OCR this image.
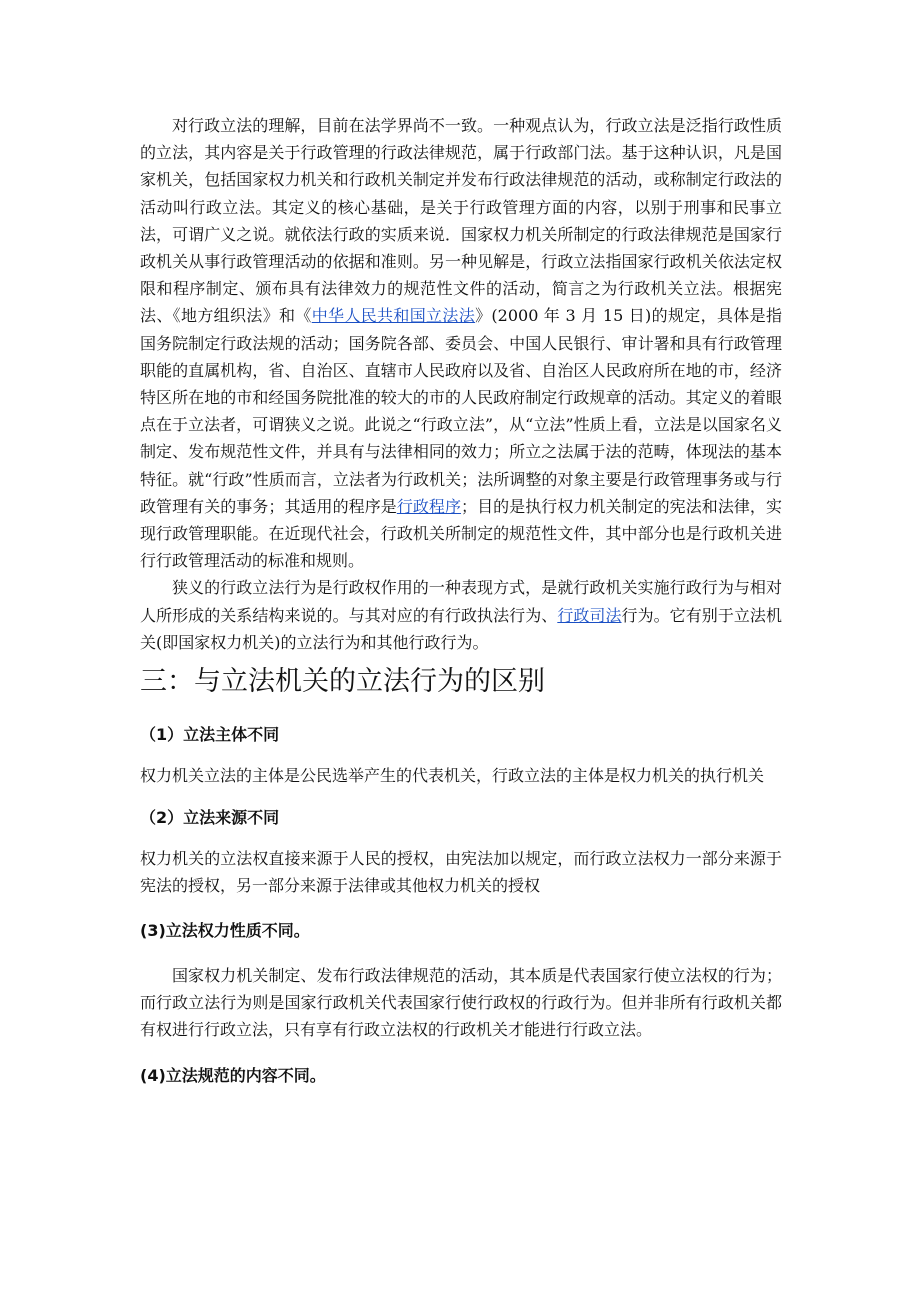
对行政立法的理解，目前在法学界尚不一致。一种观点认为，行政立法是泛指行政性质的立法，其内容是关于行政管理的行政法律规范，属于行政部门法。基于这种认识，凡是国家机关，包括国家权力机关和行政机关制定并发布行政法律规范的活动，或称制定行政法的活动叫行政立法。其定义的核心基础，是关于行政管理方面的内容，以别于刑事和民事立法，可谓广义之说。就依法行政的实质来说．国家权力机关所制定的行政法律规范是国家行政机关从事行政管理活动的依据和准则。另一种见解是，行政立法指国家行政机关依法定权限和程序制定、颁布具有法律效力的规范性文件的活动，简言之为行政机关立法。根据宪法、《地方组织法》和《中华人民共和国立法法》(2000 年 3 月 15 日)的规定，具体是指国务院制定行政法规的活动；国务院各部、委员会、中国人民银行、审计署和具有行政管理职能的直属机构，省、自治区、直辖市人民政府以及省、自治区人民政府所在地的市，经济特区所在地的市和经国务院批准的较大的市的人民政府制定行政规章的活动。其定义的着眼点在于立法者，可谓狭义之说。此说之“行政立法”，从“立法”性质上看，立法是以国家名义制定、发布规范性文件，并具有与法律相同的效力；所立之法属于法的范畴，体现法的基本特征。就“行政”性质而言，立法者为行政机关；法所调整的对象主要是行政管理事务或与行政管理有关的事务；其适用的程序是行政程序；目的是执行权力机关制定的宪法和法律，实现行政管理职能。在近现代社会，行政机关所制定的规范性文件，其中部分也是行政机关进行行政管理活动的标准和规则。

狭义的行政立法行为是行政权作用的一种表现方式，是就行政机关实施行政行为与相对人所形成的关系结构来说的。与其对应的有行政执法行为、行政司法行为。它有别于立法机关(即国家权力机关)的立法行为和其他行政行为。

三：与立法机关的立法行为的区别
（1）立法主体不同

权力机关立法的主体是公民选举产生的代表机关，行政立法的主体是权力机关的执行机关

（2）立法来源不同

权力机关的立法权直接来源于人民的授权，由宪法加以规定，而行政立法权力一部分来源于宪法的授权，另一部分来源于法律或其他权力机关的授权

(3)立法权力性质不同。

国家权力机关制定、发布行政法律规范的活动，其本质是代表国家行使立法权的行为；而行政立法行为则是国家行政机关代表国家行使行政权的行政行为。但并非所有行政机关都有权进行行政立法，只有享有行政立法权的行政机关才能进行行政立法。

(4)立法规范的内容不同。
